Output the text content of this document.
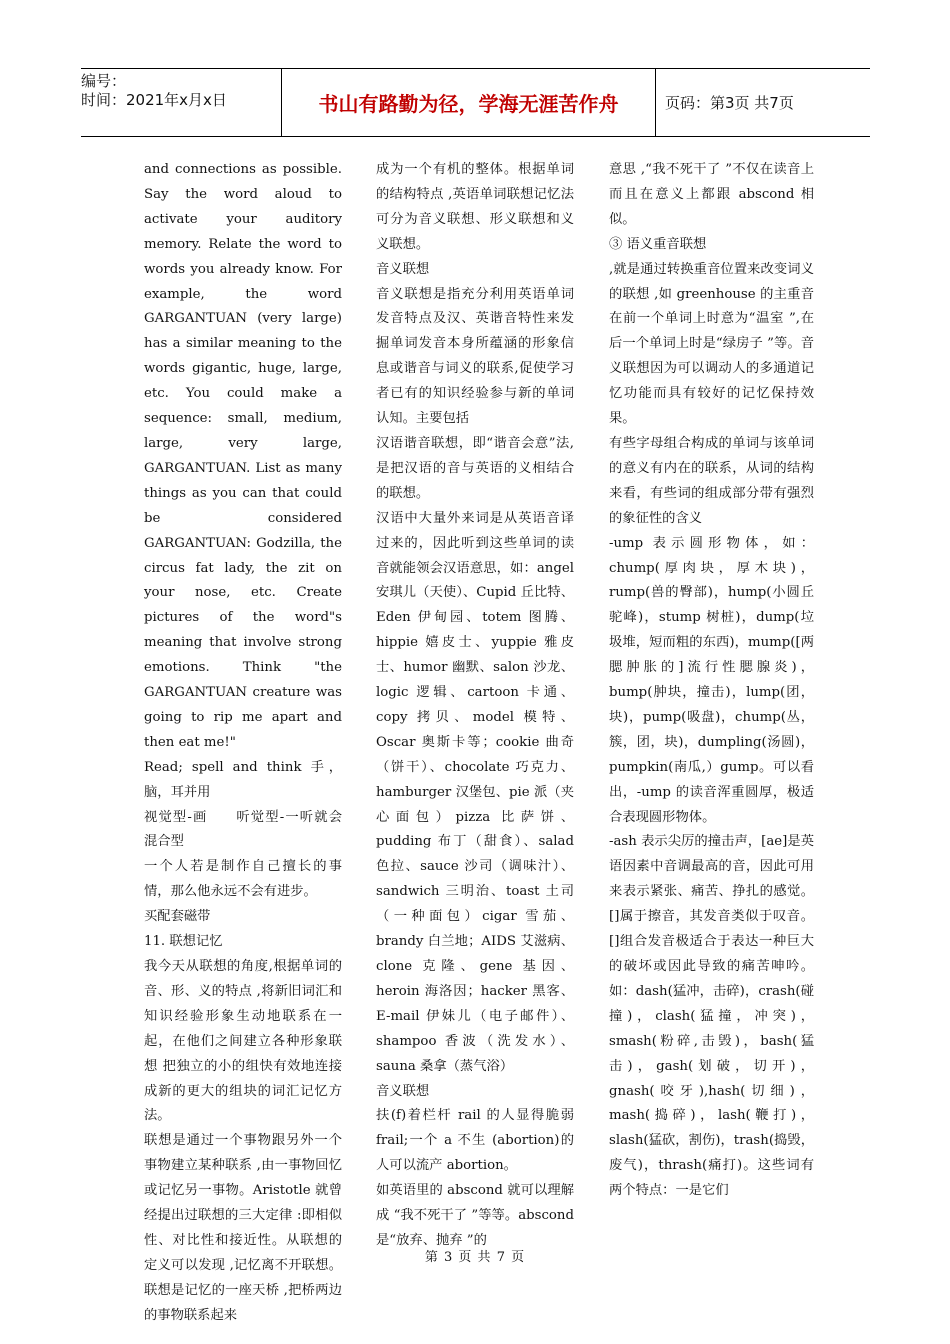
编号：
时间：2021年x月x日	书山有路勤为径，学海无涯苦作舟	页码：第3页 共7页

and connections as possible. Say the word aloud to activate your auditory memory. Relate the word to words you already know. For example, the word GARGANTUAN (very large) has a similar meaning to the words gigantic, huge, large, etc. You could make a sequence: small, medium, large, very large, GARGANTUAN. List as many things as you can that could be considered GARGANTUAN: Godzilla, the circus fat lady, the zit on your nose, etc. Create pictures of the word"s meaning that involve strong emotions. Think "the GARGANTUAN creature was going to rip me apart and then eat me!"

Read; spell and think 手，脑，耳并用

视觉型-画　　听觉型-一听就会　混合型

一个人若是制作自己擅长的事情，那么他永远不会有进步。

买配套磁带

11. 联想记忆

我今天从联想的角度,根据单词的音、形、义的特点 ,将新旧词汇和知识经验形象生动地联系在一起，在他们之间建立各种形象联想 把独立的小的组快有效地连接成新的更大的组块的词汇记忆方法。

联想是通过一个事物跟另外一个事物建立某种联系 ,由一事物回忆或记忆另一事物。Aristotle 就曾经提出过联想的三大定律 :即相似性、对比性和接近性。从联想的定义可以发现 ,记忆离不开联想。联想是记忆的一座天桥 ,把桥两边的事物联系起来

成为一个有机的整体。根据单词的结构特点 ,英语单词联想记忆法可分为音义联想、形义联想和义义联想。

音义联想

音义联想是指充分利用英语单词发音特点及汉、英谐音特性来发掘单词发音本身所蕴涵的形象信息或谐音与词义的联系,促使学习者已有的知识经验参与新的单词认知。主要包括

汉语谐音联想，即“谐音会意”法,是把汉语的音与英语的义相结合的联想。

汉语中大量外来词是从英语音译过来的，因此听到这些单词的读音就能领会汉语意思，如：angel 安琪儿（天使）、Cupid 丘比特、Eden 伊甸园、totem 图腾、hippie 嬉皮士、yuppie 雅皮士、humor 幽默、salon 沙龙、logic 逻辑、cartoon 卡通、copy 拷贝、model 模特、Oscar 奥斯卡等；cookie 曲奇（饼干）、chocolate 巧克力、hamburger 汉堡包、pie 派（夹心面包）pizza 比萨饼、pudding 布丁（甜食）、salad 色拉、sauce 沙司（调味汁）、sandwich 三明治、toast 土司（一种面包）cigar 雪茄、brandy 白兰地；AIDS 艾滋病、clone 克隆、gene 基因、heroin 海洛因；hacker 黑客、E-mail 伊妹儿（电子邮件）、shampoo 香波（洗发水）、sauna 桑拿（蒸气浴）

音义联想

扶(f)着栏杆 rail 的人显得脆弱 frail;一个 a 不生 (abortion)的人可以流产 abortion。

如英语里的 abscond 就可以理解成 “我不死干了 ”等等。abscond 是“放弃、抛弃 ”的

意思 ,“我不死干了 ”不仅在读音上而且在意义上都跟 abscond 相似。

③ 语义重音联想

,就是通过转换重音位置来改变词义的联想 ,如 greenhouse 的主重音在前一个单词上时意为“温室 ”,在后一个单词上时是“绿房子 ”等。音义联想因为可以调动人的多通道记忆功能而具有较好的记忆保持效果。

有些字母组合构成的单词与该单词的意义有内在的联系，从词的结构来看，有些词的组成部分带有强烈的象征性的含义

-ump 表示圆形物体，如：chump(厚肉块，厚木块)，rump(兽的臀部)，hump(小圆丘驼峰)，stump 树桩)，dump(垃圾堆，短而粗的东西)，mump([两腮肿胀的]流行性腮腺炎)，bump(肿块，撞击)，lump(团，块)，pump(吸盘)，chump(丛，簇，团，块)，dumpling(汤圆)，pumpkin(南瓜,）gump。可以看出，-ump 的读音浑重圆厚，极适合表现圆形物体。

-ash 表示尖厉的撞击声，[ae]是英语因素中音调最高的音，因此可用来表示紧张、痛苦、挣扎的感觉。[]属于擦音，其发音类似于叹音。[]组合发音极适合于表达一种巨大的破坏或因此导致的痛苦呻吟。如：dash(猛冲，击碎)，crash(碰撞)，clash(猛撞，冲突)，smash(粉碎,击毁)，bash(猛击)，gash(划破，切开)，gnash(咬牙),hash(切细)，mash(捣碎)，lash(鞭打)，slash(猛砍，割伤)，trash(捣毁，废气)，thrash(痛打)。这些词有两个特点：一是它们

第 3 页 共 7 页
